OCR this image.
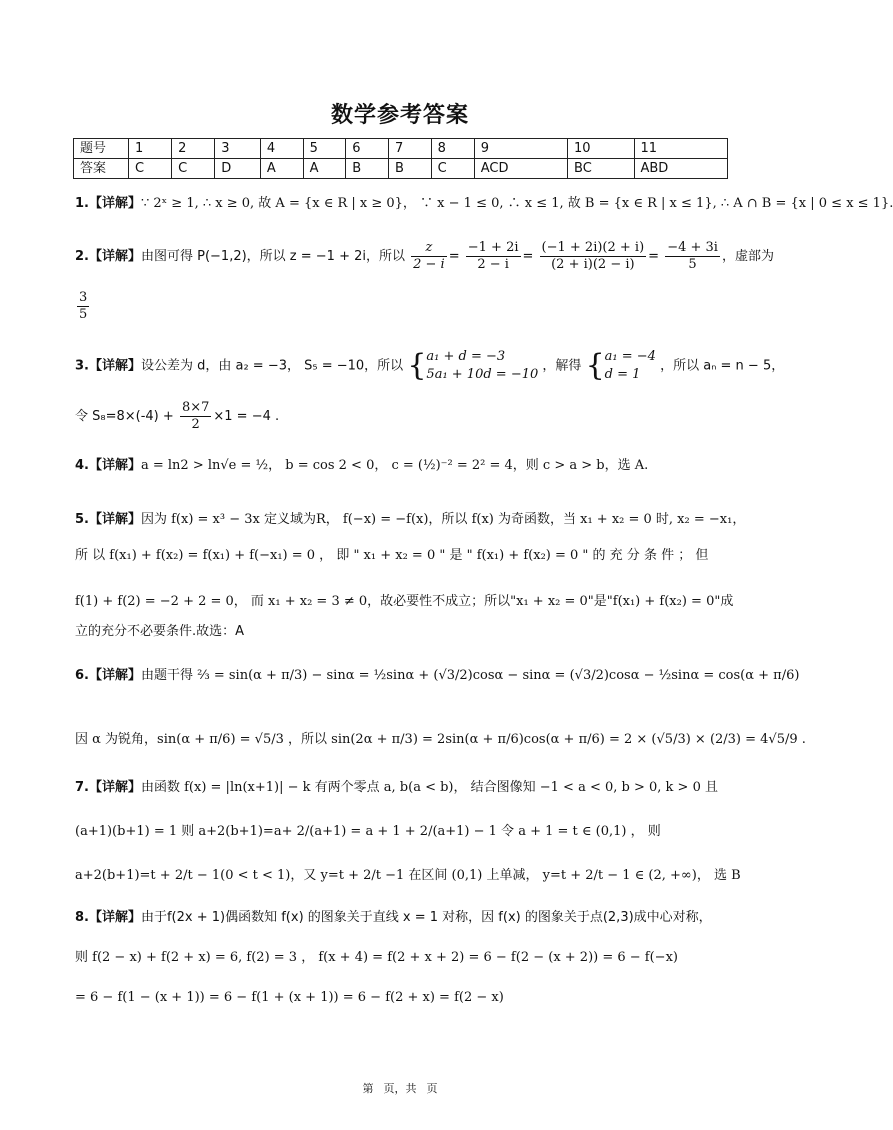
数学参考答案
题号	1	2	3	4	5	6	7	8	9	10	11
答案	C	C	D	A	A	B	B	C	ACD	BC	ABD
1.【详解】∵ 2ˣ ≥ 1, ∴ x ≥ 0, 故 A = {x ∈ R | x ≥ 0}， ∵ x − 1 ≤ 0, ∴ x ≤ 1, 故 B = {x ∈ R | x ≤ 1}, ∴ A ∩ B = {x | 0 ≤ x ≤ 1}.
2.【详解】由图可得 P(−1,2)，所以 z = −1 + 2i，所以 $\frac{z}{2 - i} = \frac{-1 + 2i}{2 - i} = \frac{(-1 + 2i)(2 + i)}{(2 + i)(2 - i)} = \frac{-4 + 3i}{5}$ ，虚部为
$\frac{3}{5}$
3.【详解】设公差为 d，由 a₂ = −3， S₅ = −10，所以 {a₁ + d = −3
5a₁ + 10d = −10 ，解得 {a₁ = −4
d = 1 ，所以 aₙ = n − 5，
令 $S_8=8\times(-4) + \frac{8\times 7}{2} \times 1 = -4$ .
4.【详解】a = ln2 > ln√e = ½， b = cos 2 < 0， c = (½)⁻² = 2² = 4，则 c > a > b，选 A.
5.【详解】因为 f(x) = x³ − 3x 定义域为R， f(−x) = −f(x)，所以 f(x) 为奇函数，当 x₁ + x₂ = 0 时, x₂ = −x₁，
所 以 f(x₁) + f(x₂) = f(x₁) + f(−x₁) = 0 ， 即 " x₁ + x₂ = 0 " 是 " f(x₁) + f(x₂) = 0 " 的 充 分 条 件 ； 但
f(1) + f(2) = −2 + 2 = 0， 而 x₁ + x₂ = 3 ≠ 0，故必要性不成立；所以"x₁ + x₂ = 0"是"f(x₁) + f(x₂) = 0"成
立的充分不必要条件.故选：A
6.【详解】由题干得 ⅔ = sin(α + π/3) − sinα = ½sinα + (√3/2)cosα − sinα = (√3/2)cosα − ½sinα = cos(α + π/6)
因 α 为锐角，sin(α + π/6) = √5/3 ，所以 sin(2α + π/3) = 2sin(α + π/6)cos(α + π/6) = 2 × (√5/3) × (2/3) = 4√5/9 .
7.【详解】由函数 f(x) = |ln(x+1)| − k 有两个零点 a, b(a < b)， 结合图像知 −1 < a < 0, b > 0, k > 0 且
(a+1)(b+1) = 1 则 a+2(b+1)=a+ 2/(a+1) = a + 1 + 2/(a+1) − 1 令 a + 1 = t ∈ (0,1) ， 则
a+2(b+1)=t + 2/t − 1(0 < t < 1)，又 y=t + 2/t −1 在区间 (0,1) 上单减， y=t + 2/t − 1 ∈ (2, +∞)， 选 B
8.【详解】由于f(2x + 1)偶函数知 f(x) 的图象关于直线 x = 1 对称，因 f(x) 的图象关于点(2,3)成中心对称，
则 f(2 − x) + f(2 + x) = 6, f(2) = 3 ， f(x + 4) = f(2 + x + 2) = 6 − f(2 − (x + 2)) = 6 − f(−x)
= 6 − f(1 − (x + 1)) = 6 − f(1 + (x + 1)) = 6 − f(2 + x) = f(2 − x)
第 页，共 页
